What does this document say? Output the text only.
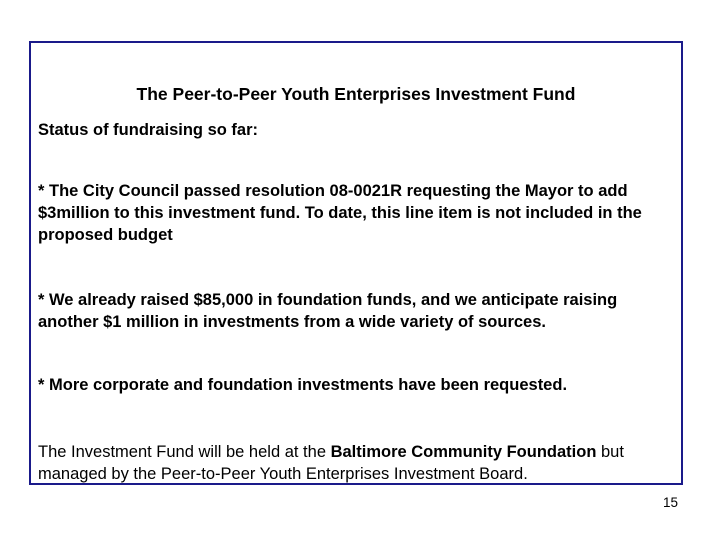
The Peer-to-Peer Youth Enterprises Investment Fund
Status of fundraising so far:
* The City Council passed resolution 08-0021R requesting the Mayor to add $3million to this investment fund. To date, this line item is not included in the proposed budget
* We already raised $85,000 in foundation funds, and we anticipate raising another $1 million in investments from a wide variety of sources.
* More corporate and foundation investments have been requested.
The Investment Fund will be held at the Baltimore Community Foundation but managed by the Peer-to-Peer Youth Enterprises Investment Board.
15
